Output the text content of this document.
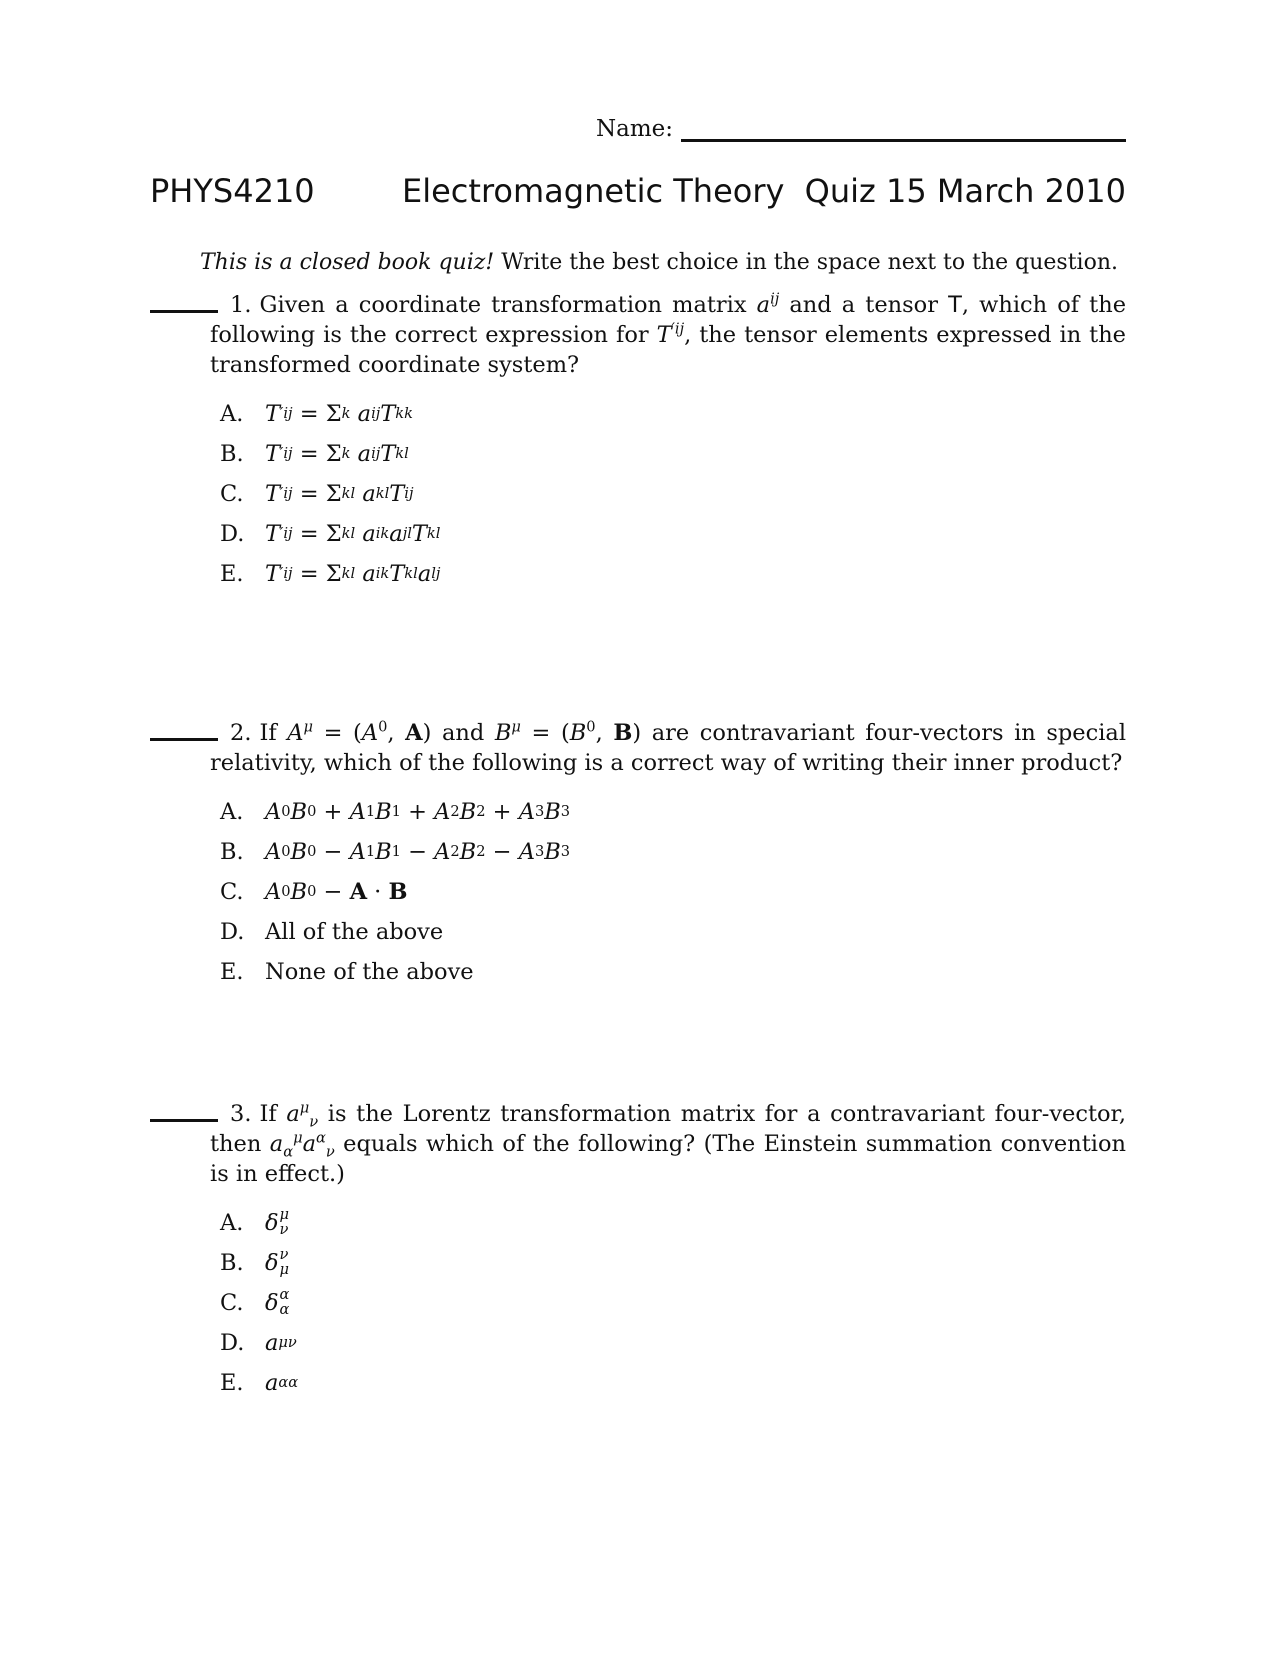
Name:
PHYS4210	Electromagnetic Theory Quiz 15 March 2010
This is a closed book quiz! Write the best choice in the space next to the question.
1. Given a coordinate transformation matrix $a^{ij}$ and a tensor T, which of the following is the correct expression for $T^{'ij}$, the tensor elements expressed in the transformed coordinate system?
A. T ′ij = Σ k
a ij T kk
B. T ′ij = Σ k
a ij T kl
C. T ′ij = Σ kl
a kl T ij
D. T ′ij = Σ kl
a ik a jl T kl
E. T ′ij = Σ kl
a ik T kl a lj
2. If $A^\mu = (A^0$, A) and $B^\mu = (B^0$, B) are contravariant four-vectors in special relativity, which of the following is a correct way of writing their inner product?
A. A 0 B 0 + A 1 B 1 + A 2 B 2 + A 3 B 3
B. A 0 B 0 − A 1 B 1 − A 2 B 2 − A 3 B 3
C. A 0 B 0 − A · B
D. All of the above
E. None of the above
3. If $a^\mu_\nu$ is the Lorentz transformation matrix for a contravariant four-vector, then $a_\alpha^\mu a^\alpha_\nu$ equals which of the following? (The Einstein summation convention is in effect.)
A. δ μ
ν
B. δ ν
μ
C. δ α
α
D. a μ ν
E. a α α
